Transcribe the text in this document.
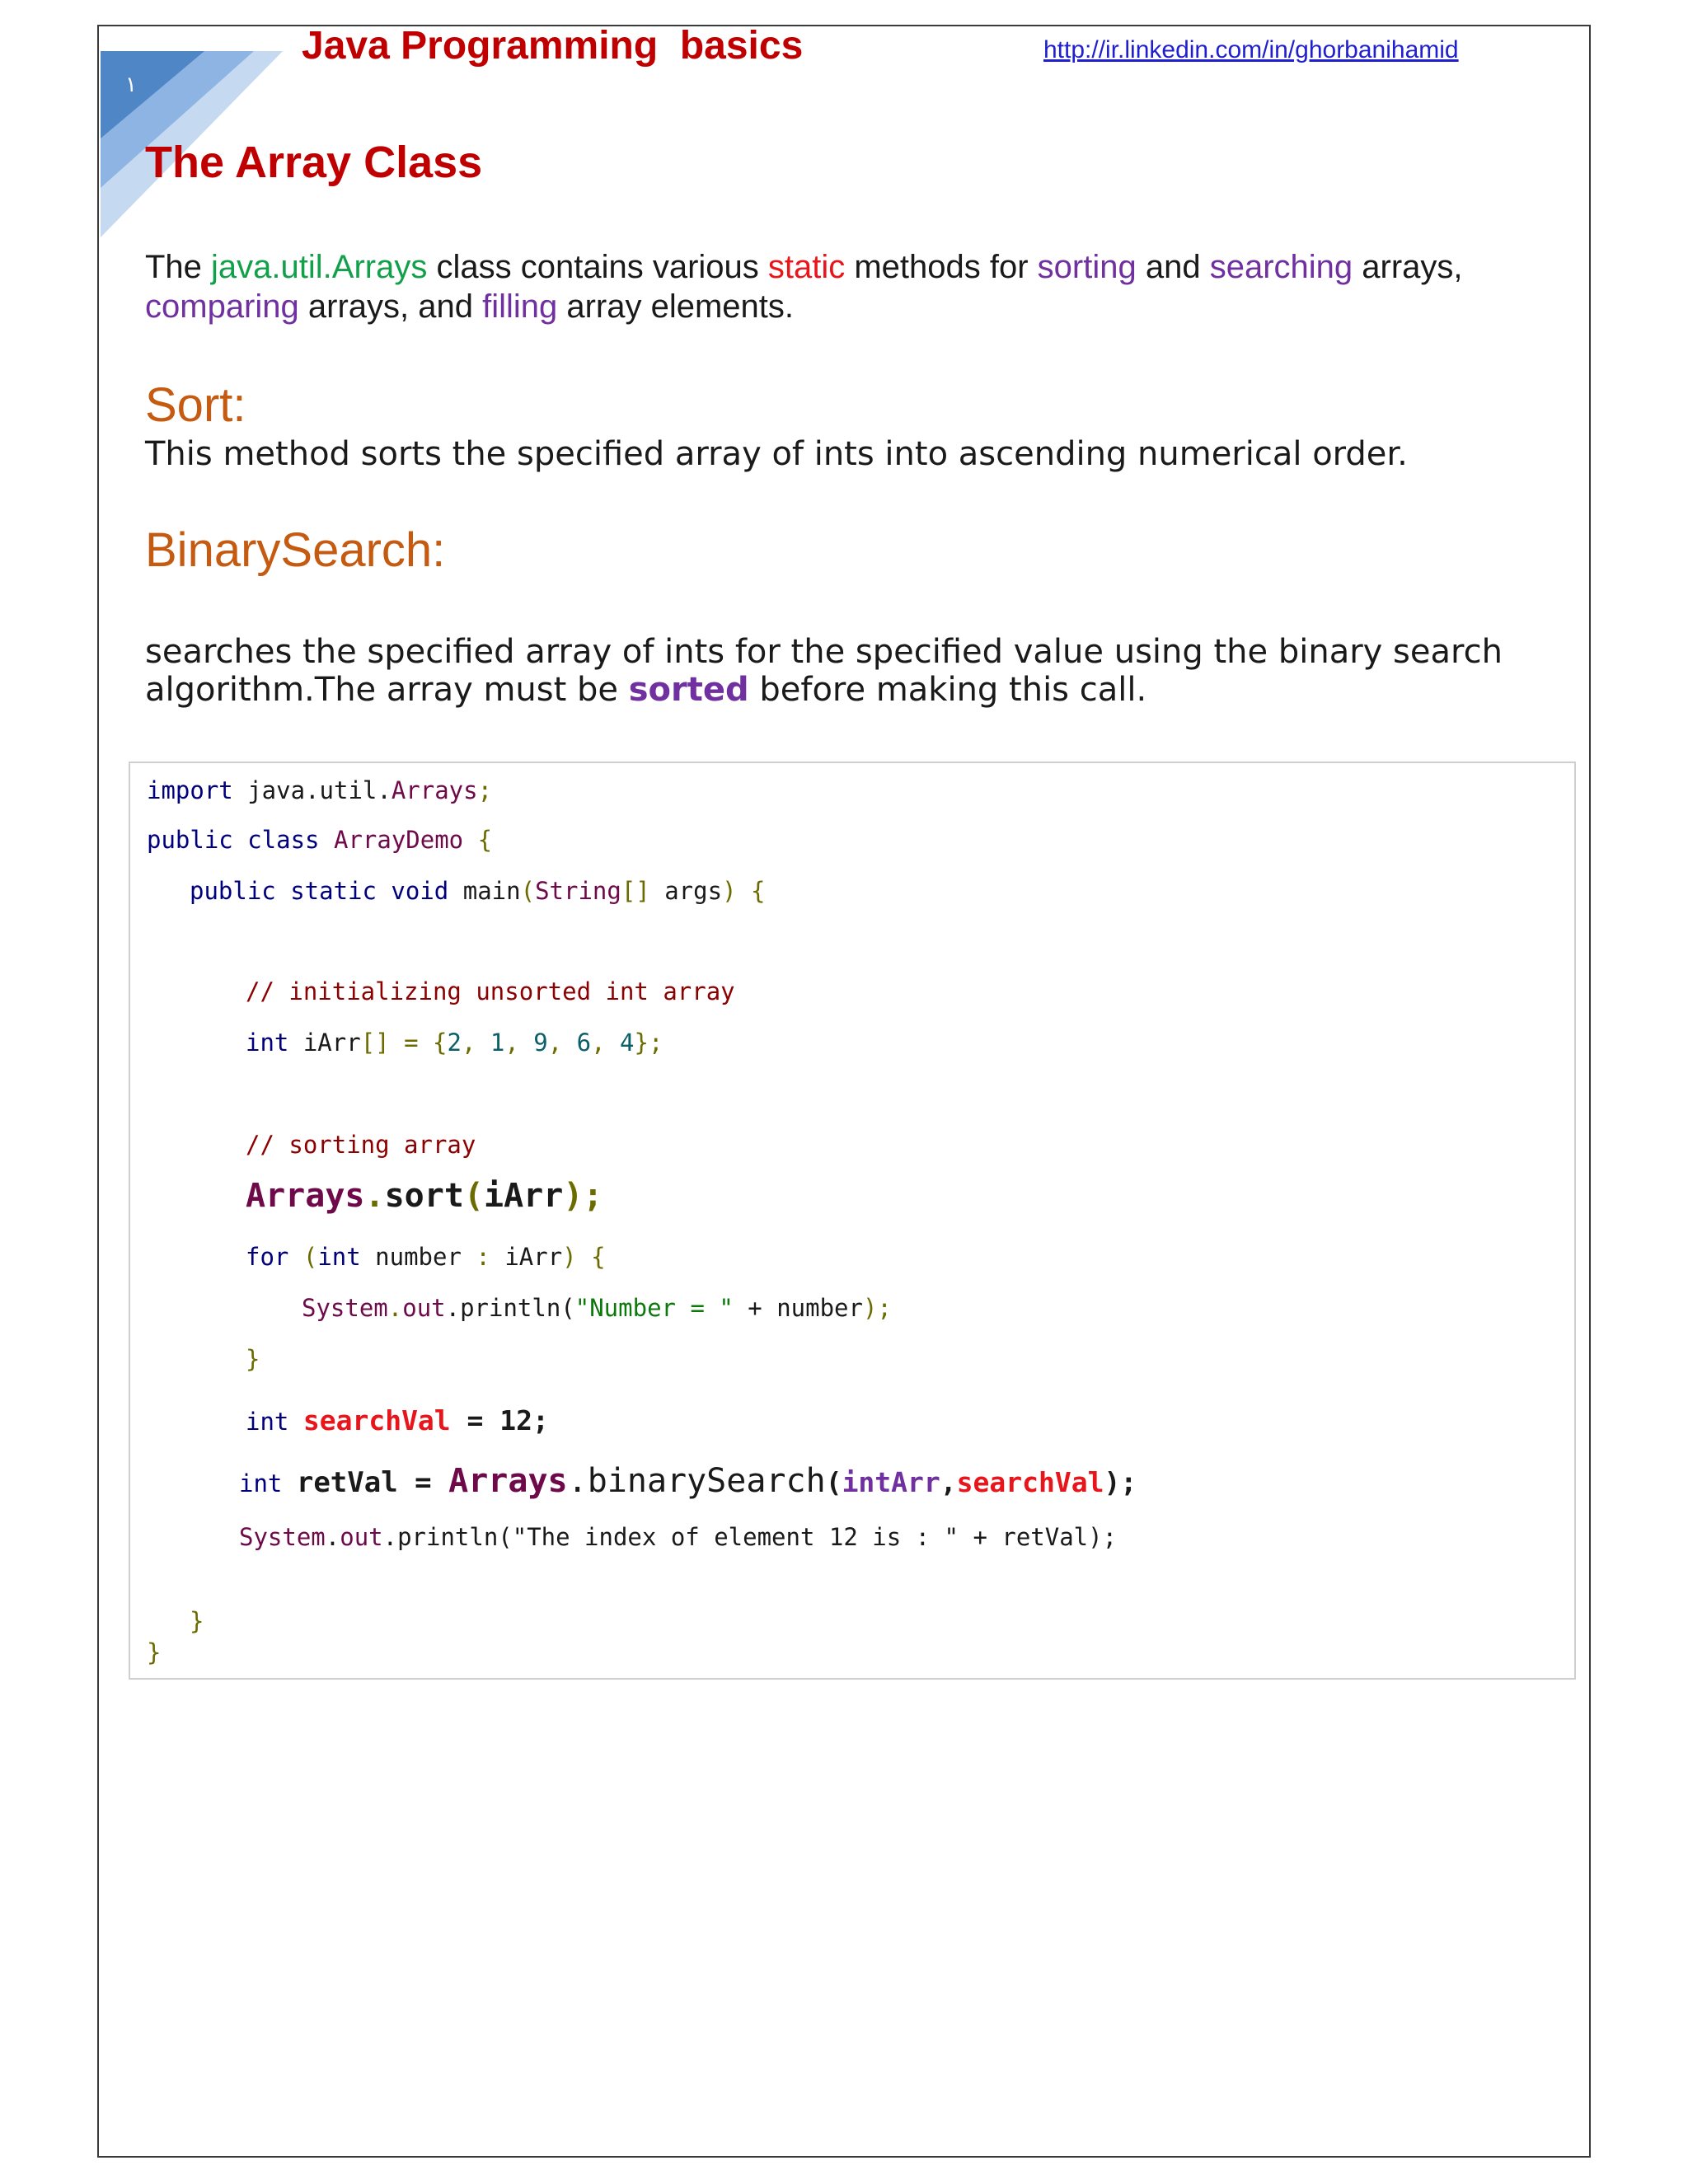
١
Java Programming  basics	http://ir.linkedin.com/in/ghorbanihamid
The Array Class
The java.util.Arrays class contains various static methods for sorting and searching arrays,
comparing arrays, and filling array elements.
Sort:
This method sorts the specified array of ints into ascending numerical order.
BinarySearch:
searches the specified array of ints for the specified value using the binary search
algorithm.The array must be sorted before making this call.
import java.util.Arrays;
public class ArrayDemo {
public static void main(String[] args) {
// initializing unsorted int array
int iArr[] = {2, 1, 9, 6, 4};
// sorting array
Arrays.sort(iArr);
for (int number : iArr) {
System.out.println("Number = " + number);
}
int searchVal = 12;
int retVal = Arrays.binarySearch(intArr,searchVal);
System.out.println("The index of element 12 is : " + retVal);
}
}
